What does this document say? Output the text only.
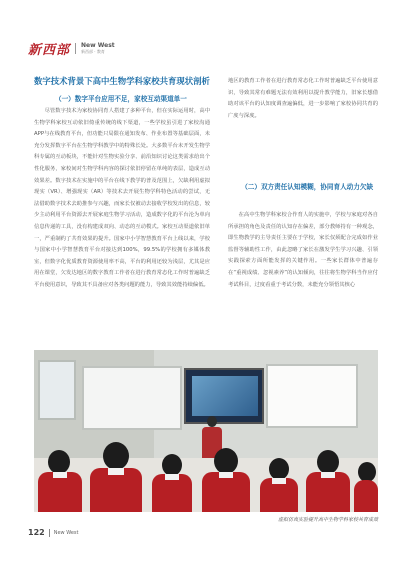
新西部 New West
新西部 · 教育
数字技术背景下高中生物学科家校共育现状剖析
（一）数字平台应用不足，家校互动渠道单一
尽管数字技术为家校协同育人搭建了多种平台，但在实际运用时，高中生物学科家校互动依旧倚重传统的线下渠道，一些学校虽引进了家校沟通APP与在线教育平台，但功能只局限在通知发布、作业布置等基础层面，未充分发挥数字平台在生物学科教学中的特殊长处。大多数平台未开发生物学科专属的互动板块，不能针对生物实验分享、前沿知识讨论这类需求给出个性化服务，家校间对生物学科内容的探讨依旧停留在单纯的表层，造成互动效果差。数字技术在实施中的平台在线下教学的普及范围上，欠缺利用虚拟现实（VR）、增强现实（AR）等技术去开展生物学科特色活动的尝试，无法借助数字技术去助推参与兴趣，而家长仅被动去接收学校发出的信息，较少主动利用平台资源去开展家庭生物学习活动，造成数字化的平台沦为单向信息传递的工具，没有构建成双向、动态的互动模式。家校互动渠道依旧单一，严重制约了共育效果的提升。国家中小学智慧教育平台上线以来，学校与国家中小学智慧教育平台对接达到100%，99.5%的学校拥有多媒体教室，但数字化优质教育资源使用率不高，平台的利用还较为浅层，尤其是应用在课堂，欠发达地区的数字教育工作者在进行教育常态化工作时普遍缺乏平台使用意识，导致其不具备应对各类问题的能力，导致其效能持续偏低。
地区的教育工作者在进行教育常态化工作时普遍缺乏平台使用意识，导致其常有难题无法有效利用以提升教学能力，旧家长想借助对该平台的认知度调查遍偏低，进一步影响了家校协同共育的广度与深度。
（二）双方责任认知模糊，协同育人动力欠缺
在高中生物学科家校合作育人的实施中，学校与家庭对各自所承担的角色及责任的认知存在偏差，部分教师持有一种观念，即生物教学的主导责任主要在于学校，家长仅须配合完成如作业监督等辅助性工作，由此忽略了家长在激发学生学习兴趣、引领实践探索方面所能发挥的关键作用。一些家长群体中普遍存在“重视成绩、忽视素养”的认知倾向，往往将生物学科当作应付考试科目，过度看重于考试分数，未能充分领悟其核心
虚拟仿真实验提升高中生物学科家校共育成效
122 New West
